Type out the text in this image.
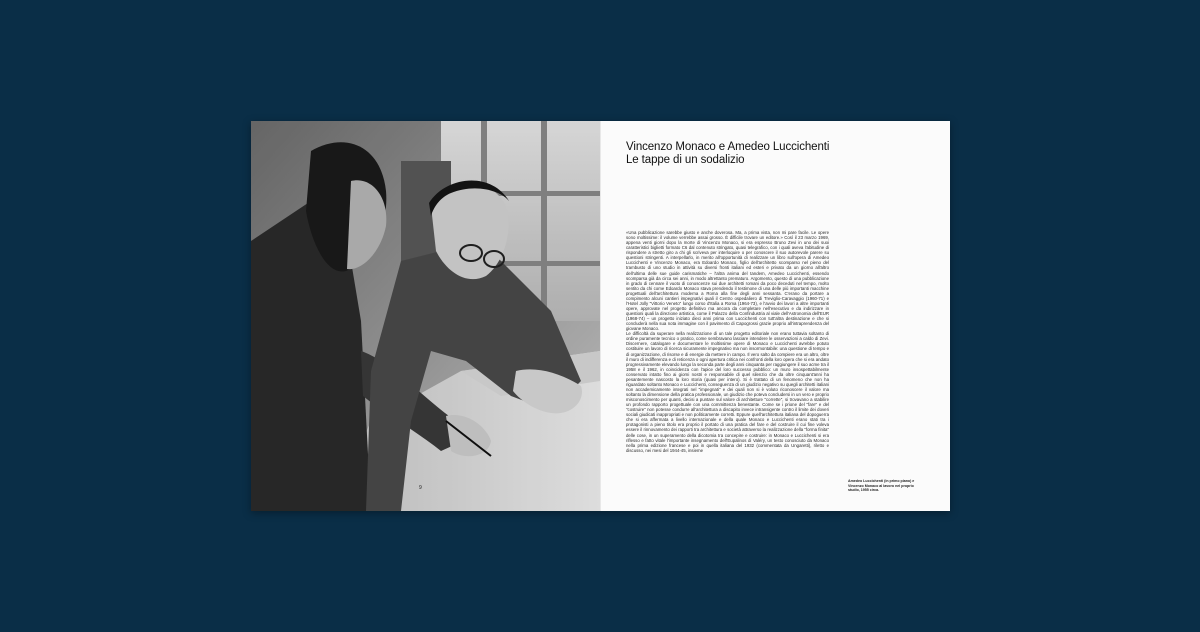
9
Vincenzo Monaco e Amedeo Luccichenti
Le tappe di un sodalizio

«Una pubblicazione sarebbe giusto e anche doverosa. Ma, a prima vista, non mi pare facile. Le opere sono moltissime: il volume verrebbe assai grosso. È difficile trovare un editore.» Così il 23 marzo 1969, appena venti giorni dopo la morte di Vincenzo Monaco, si era espresso Bruno Zevi in uno dei suoi caratteristici biglietti formato C6 dal contenuto stringato, quasi telegrafico, con i quali aveva l'abitudine di rispondere a stretto giro a chi gli scriveva per interloquire o per conoscere il suo autorevole parere su questioni stringenti. A interpellarlo, in merito all'opportunità di realizzare un libro sull'opera di Amedeo Luccichenti e Vincenzo Monaco, era Edoardo Monaco, figlio dell'architetto scomparso nel pieno del trambusto di uno studio in attività su diversi fronti italiani ed esteri e privato da un giorno all'altro dell'ultima delle sue guide carismatiche – l'altra anima del tandem, Amedeo Luccichenti, essendo scomparsa già da circa sei anni, in modo altrettanto prematuro. Argomento, questo di una pubblicazione in grado di cennare il vuoto di conoscenze sui due architetti romani da poco deceduti nel tempo, molto sentito da chi come Edoardo Monaco stava prendendo il testimone di una delle più importanti macchine progettuali dell'architettura moderna a Roma alla fine degli anni sessanta. C'erano da portare a compimento alcuni cantieri impegnativi quali il Centro ospedaliero di Treviglio-Caravaggio (1960-71) e l'Hotel Jolly "Vittorio Veneto" lungo corso d'Italia a Roma (1964-73), e l'avvio dei lavori a altre importanti opere, approvate nel progetto definitivo ma ancora da completare nell'esecutivo e da indirizzare in questioni quali la direzione artistica, come il Palazzo della Confindustria al viale dell'Astronomia dell'EUR (1968-74) – un progetto iniziato dieci anni prima con Luccichenti con tutt'altra destinazione e che si concluderà nella sua nota immagine con il pavimento di Capogrossi grazie proprio all'intraprendenza del giovane Monaco.

Le difficoltà da superare nella realizzazione di un tale progetto editoriale non erano tuttavia soltanto di ordine puramente tecnico o pratico, come sembravano lasciare intendere le osservazioni a caldo di Zevi. Discernere, catalogare e documentare le moltissime opere di Monaco e Luccichenti avrebbe potuto costituire un lavoro di ricerca sicuramente impegnativo ma non insormontabile: una questione di tempo e di organizzazione, di risorse e di energie da mettere in campo. Il vero salto da compiere era un altro, oltre il muro di indifferenza e di reticenza o ogni apertura critica nei confronti della loro opera che si era andato progressivamente elevando lungo la seconda parte degli anni cinquanta per raggiungere il suo acme tra il 1958 e il 1962, in coincidenza con l'apice del loro successo pubblico: un muro insospettabilmente conservato intatto fino ai giorni nostri e responsabile di quel silenzio che da oltre cinquant'anni ha pesantemente nascosto la loro storia (quasi per intero). Si è trattato di un fenomeno che non ha riguardato soltanto Monaco e Luccichenti, conseguenza di un giudizio negativo su quegli architetti italiani non accademicamente integrati nel "impegnati" e dei quali non si è voluto riconoscere il valore ma soltanto la dimensione della pratica professionale, un giudizio che poteva concludersi in un vero e proprio misconoscimento per quanti, decisi a puntare sul valore di architetture "corrette", si trovavano a stabilire un profondo rapporto progettuale con una committenza benestante. Come se i prione del "fare" e del "costruire" non potesse condurre all'architettura a discapito invece intransigente contro il limite dei doveri sociali giudicati inappropriati e non politicamente corretti. Eppure quell'architettura italiana del dopoguerra che si era affermata a livello internazionale e della quale Monaco e Luccichenti erano stati tra i protagonisti a pieno titolo era proprio il portato di una pratica del fare e del costruire il cui fine voleva essere il rinnovamento dei rapporti tra architettura e società attraverso la realizzazione della "forma finita" delle cose, in un superamento della dicotomia tra concepire e costruire: in Monaco e Luccichenti si era riflesso e fatto vitale l'importante insegnamento dell'Eupalinos di Valéry, un testo conosciuto da Monaco nella prima edizione francese e poi in quella italiana del 1932 (commentata da Ungaretti), riletto e discusso, nei mesi del 1944-45, insieme

Amedeo Luccichenti (in primo piano) e Vincenzo Monaco al lavoro nel proprio studio, 1955 circa.
